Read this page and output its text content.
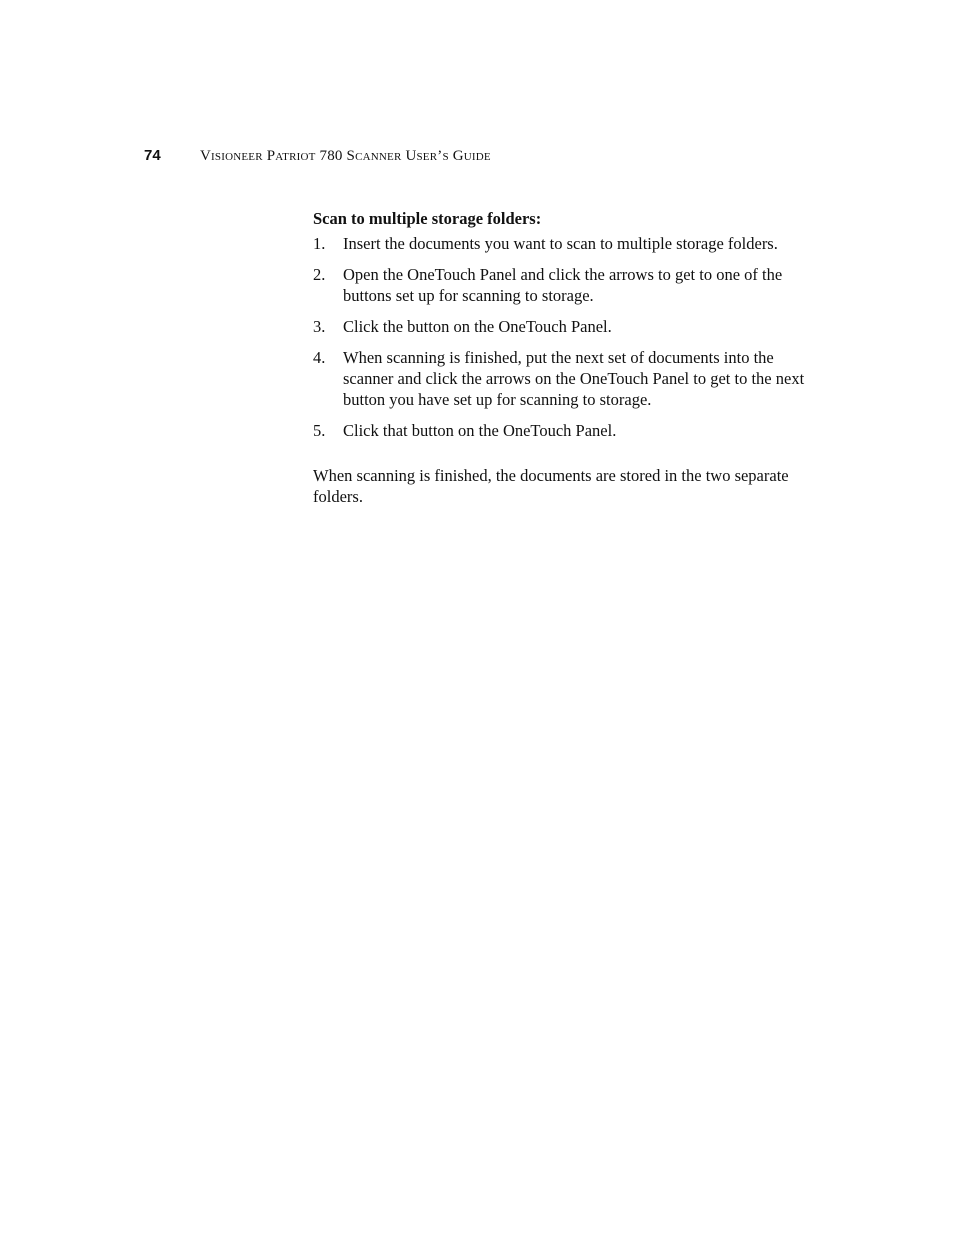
74	Visioneer Patriot 780 Scanner User’s Guide
Scan to multiple storage folders:
1.	Insert the documents you want to scan to multiple storage folders.
2.	Open the OneTouch Panel and click the arrows to get to one of the buttons set up for scanning to storage.
3.	Click the button on the OneTouch Panel.
4.	When scanning is finished, put the next set of documents into the scanner and click the arrows on the OneTouch Panel to get to the next button you have set up for scanning to storage.
5.	Click that button on the OneTouch Panel.

When scanning is finished, the documents are stored in the two separate folders.
